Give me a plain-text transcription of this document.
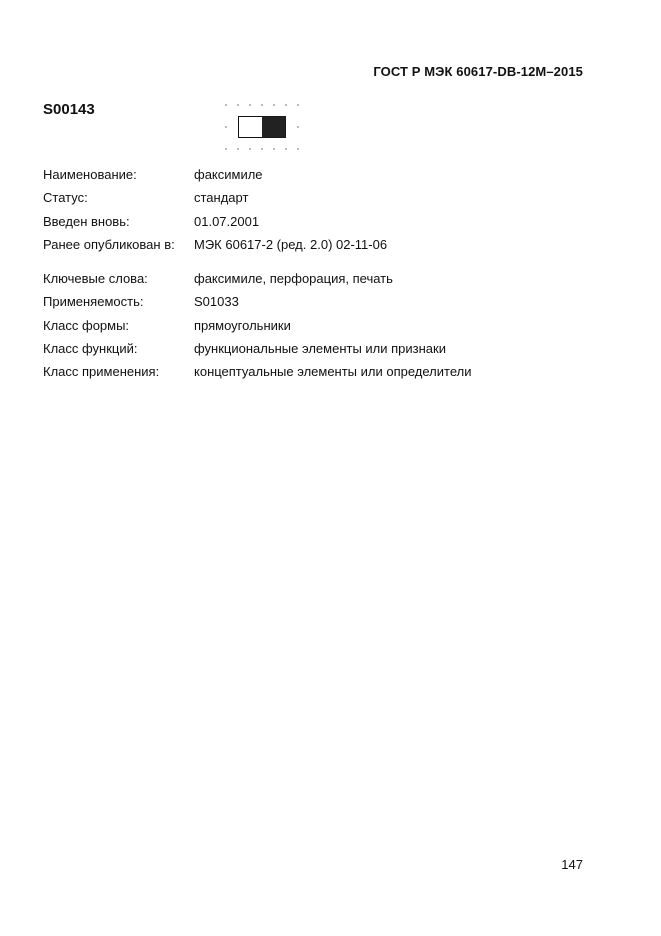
ГОСТ Р МЭК 60617-DB-12M–2015
S00143
Наименование:	факсимиле
Статус:	стандарт
Введен вновь:	01.07.2001
Ранее опубликован в:	МЭК 60617-2 (ред. 2.0) 02-11-06
Ключевые слова:	факсимиле, перфорация, печать
Применяемость:	S01033
Класс формы:	прямоугольники
Класс функций:	функциональные элементы или признаки
Класс применения:	концептуальные элементы или определители
147
